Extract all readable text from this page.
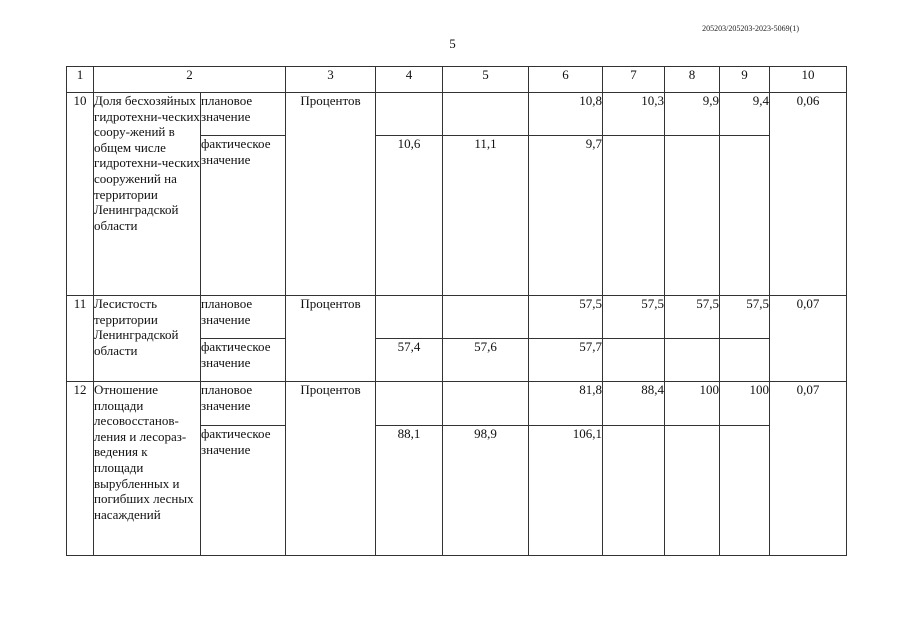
205203/205203-2023-5069(1)
5
1	2		3	4	5	6	7	8	9	10
10	Доля бесхозяйных гидротехни-ческих соору-жений в общем числе гидротехни-ческих сооружений на территории Ленинградской области	плановое значение	Процентов			10,8	10,3	9,9	9,4	0,06
		фактическое значение		10,6	11,1	9,7				
11	Лесистость территории Ленинградской области	плановое значение	Процентов			57,5	57,5	57,5	57,5	0,07
		фактическое значение		57,4	57,6	57,7				
12	Отношение площади лесовосстанов-ления и лесораз-ведения к площади вырубленных и погибших лесных насаждений	плановое значение	Процентов			81,8	88,4	100	100	0,07
		фактическое значение		88,1	98,9	106,1				
